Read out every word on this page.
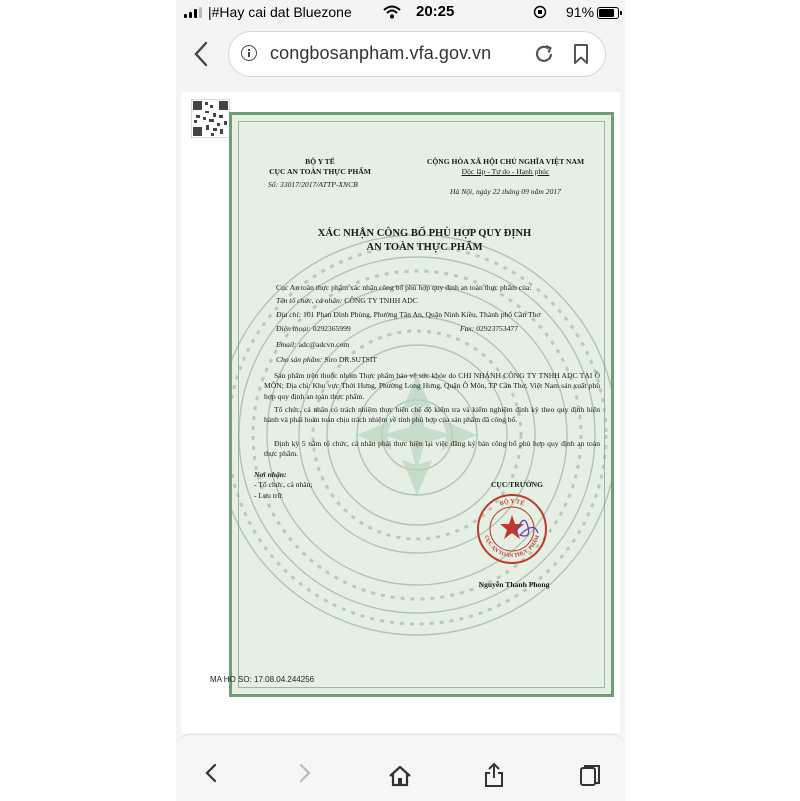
|#Hay cai dat Bluezone	20:25	91%
congbosanpham.vfa.gov.vn
BỘ Y TẾ
CỤC AN TOÀN THỰC PHẨM
Số: 33017/2017/ATTP-XNCB
CỘNG HÒA XÃ HỘI CHỦ NGHĨA VIỆT NAM
Độc lập - Tự do - Hạnh phúc
Hà Nội, ngày 22 tháng 09 năm 2017
XÁC NHẬN CÔNG BỐ PHÙ HỢP QUY ĐỊNH
AN TOÀN THỰC PHẨM
Cục An toàn thực phẩm xác nhận công bố phù hợp quy định an toàn thực phẩm của:
Tên tổ chức, cá nhân: CÔNG TY TNHH ADC
Địa chỉ: 101 Phan Đình Phùng, Phường Tân An, Quận Ninh Kiều, Thành phố Cần Thơ
Điện thoại: 0292365999	Fax: 02923753477
Email: adc@adcvn.com
Cho sản phẩm: Siro DR.SUTSIT
Sản phẩm trên thuộc nhóm Thực phẩm bảo vệ sức khỏe do CHI NHÁNH CÔNG TY TNHH ADC TẠI Ô MÔN; Địa chỉ: Khu vực Thới Hưng, Phường Long Hưng, Quận Ô Môn, TP Cần Thơ, Việt Nam sản xuất phù hợp quy định an toàn thực phẩm.
Tổ chức, cá nhân có trách nhiệm thực hiện chế độ kiểm tra và kiểm nghiệm định kỳ theo quy định hiện hành và phải hoàn toàn chịu trách nhiệm về tính phù hợp của sản phẩm đã công bố.
Định kỳ 5 năm tổ chức, cá nhân phải thực hiện lại việc đăng ký bản công bố phù hợp quy định an toàn thực phẩm.
Nơi nhận:
- Tổ chức, cá nhân;
- Lưu trữ.
CỤC TRƯỞNG
BỘ Y TẾ
CỤC AN TOÀN THỰC PHẨM
Nguyễn Thanh Phong
MA HO SO: 17.08.04.244256
